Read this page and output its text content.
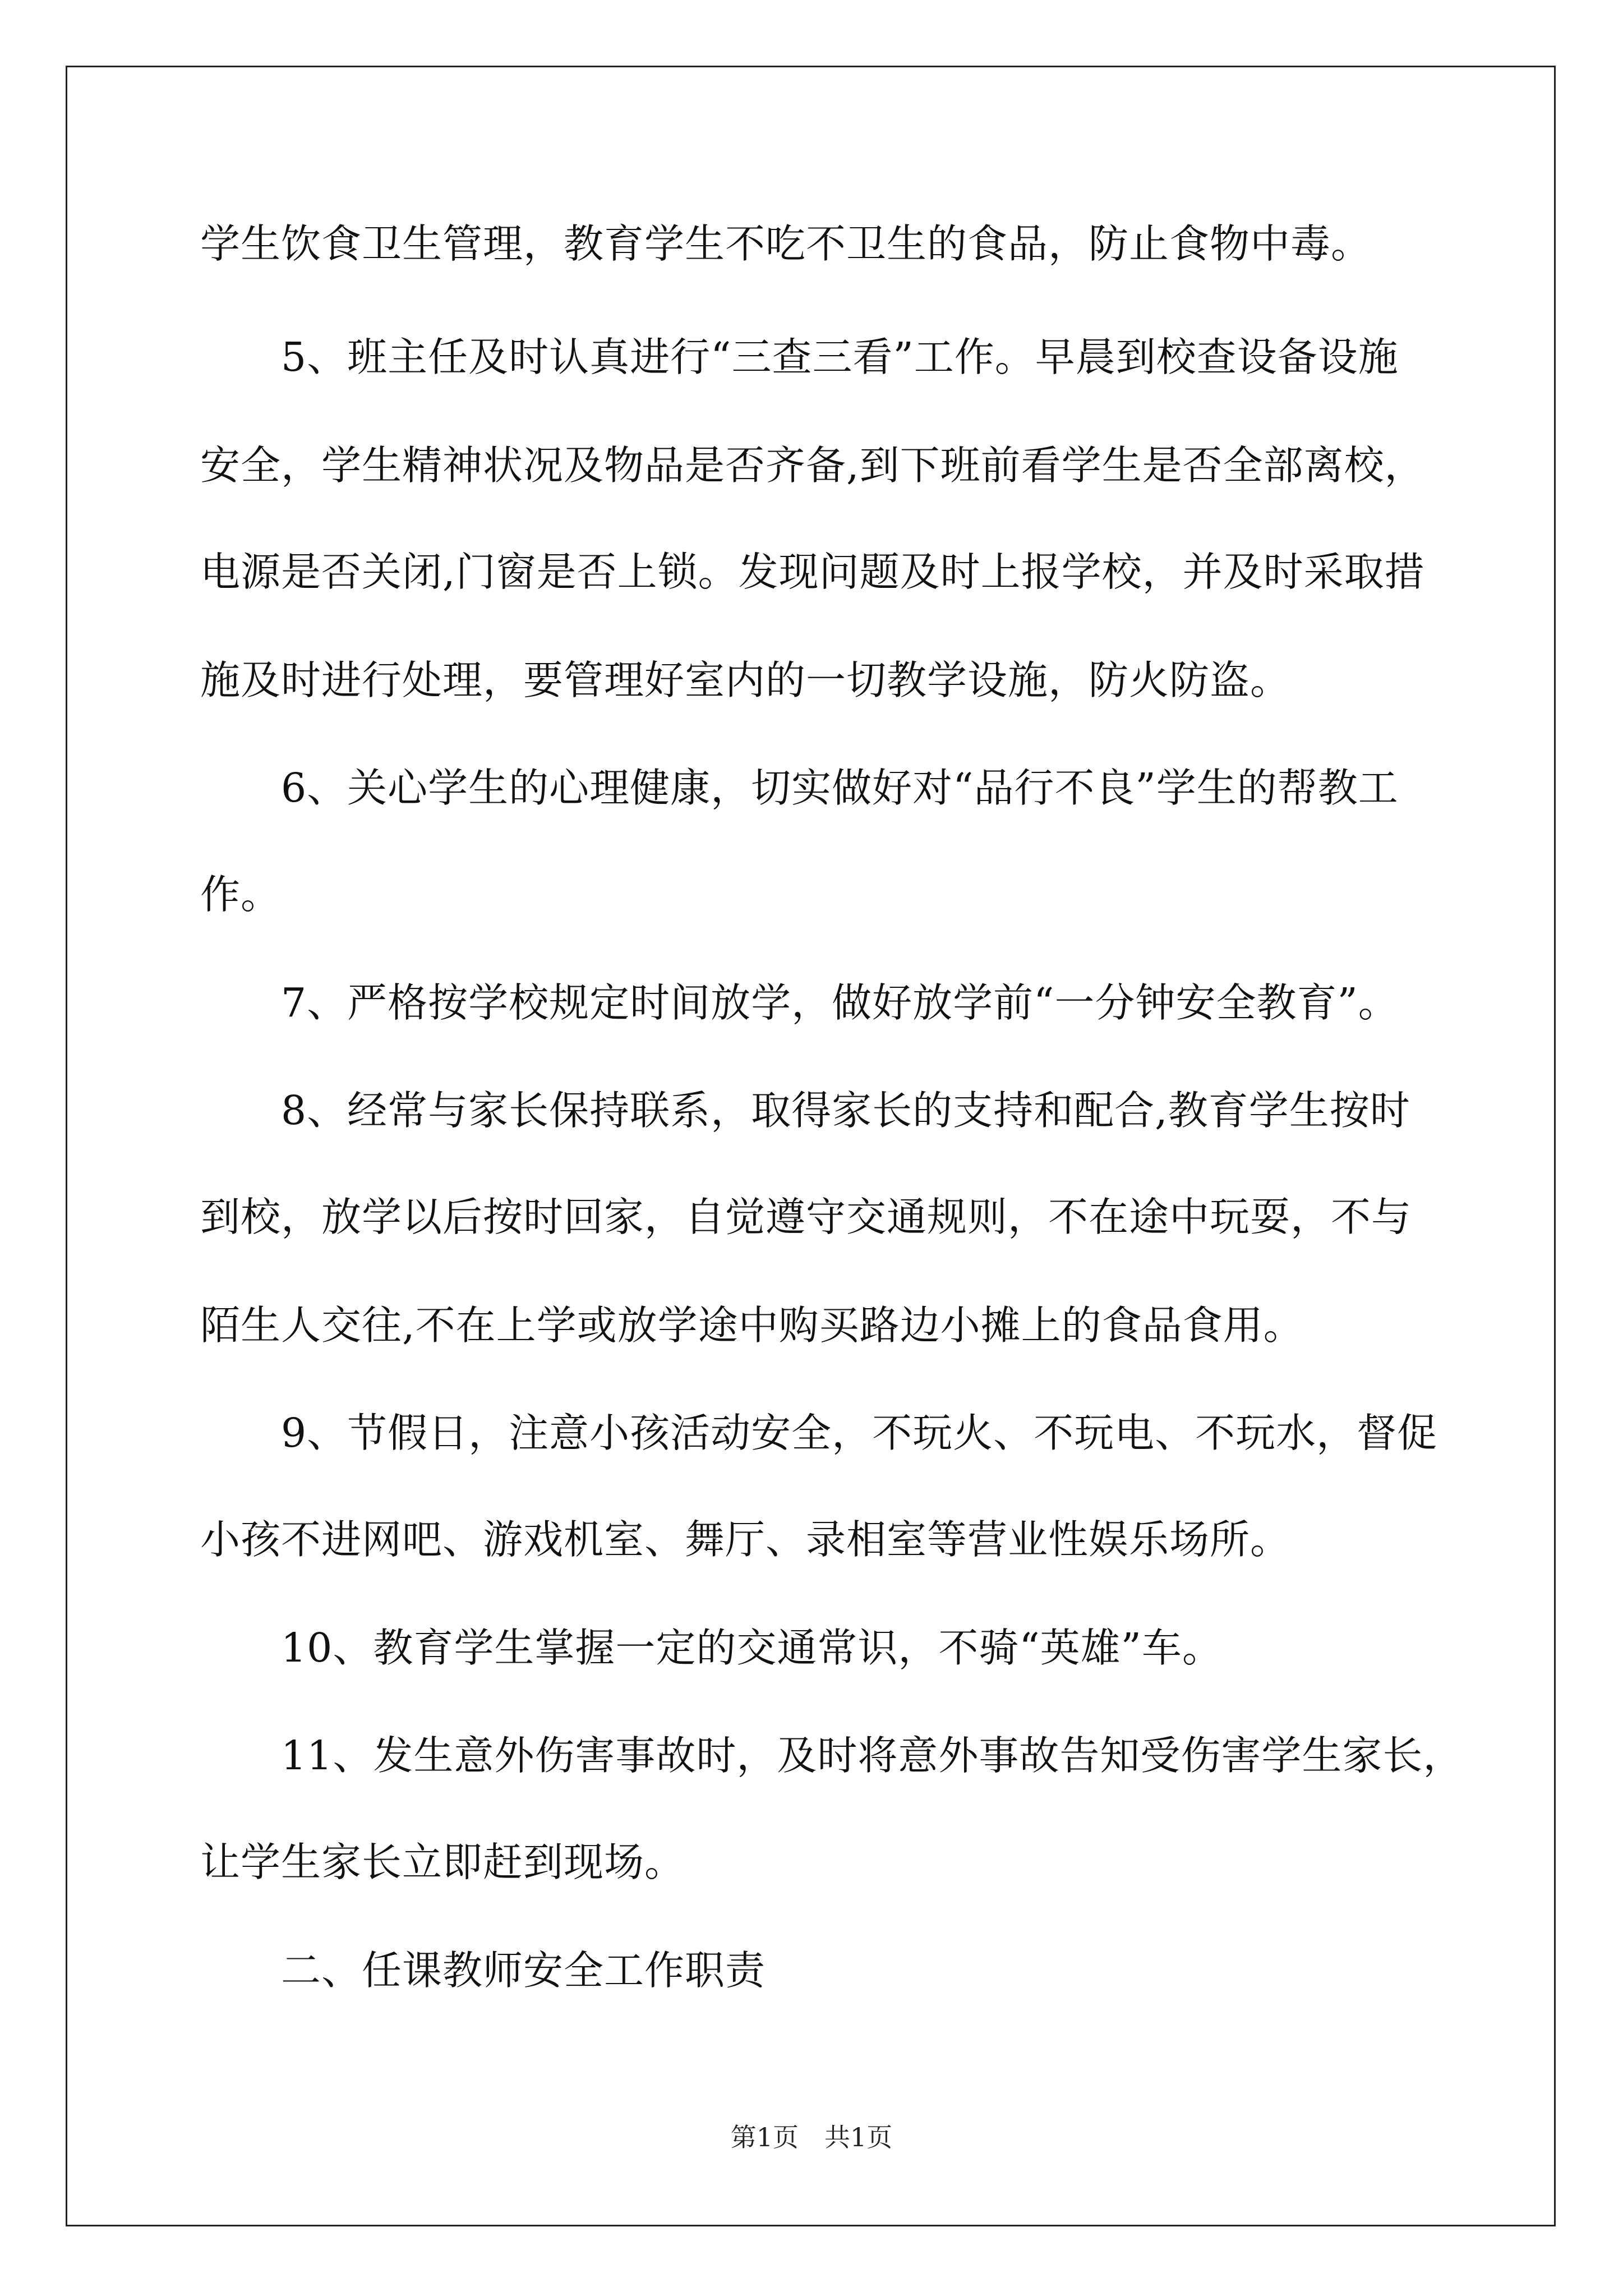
学生饮食卫生管理，教育学生不吃不卫生的食品，防止食物中毒。
　　5、班主任及时认真进行“三查三看”工作。早晨到校查设备设施
安全，学生精神状况及物品是否齐备,到下班前看学生是否全部离校，
电源是否关闭,门窗是否上锁。发现问题及时上报学校，并及时采取措
施及时进行处理，要管理好室内的一切教学设施，防火防盗。
　　6、关心学生的心理健康，切实做好对“品行不良”学生的帮教工
作。
　　7、严格按学校规定时间放学，做好放学前“一分钟安全教育”。
　　8、经常与家长保持联系，取得家长的支持和配合,教育学生按时
到校，放学以后按时回家，自觉遵守交通规则，不在途中玩耍，不与
陌生人交往,不在上学或放学途中购买路边小摊上的食品食用。
　　9、节假日，注意小孩活动安全，不玩火、不玩电、不玩水，督促
小孩不进网吧、游戏机室、舞厅、录相室等营业性娱乐场所。
　　10、教育学生掌握一定的交通常识，不骑“英雄”车。
　　11、发生意外伤害事故时，及时将意外事故告知受伤害学生家长，
让学生家长立即赶到现场。
　　二、任课教师安全工作职责
第1页　共1页
